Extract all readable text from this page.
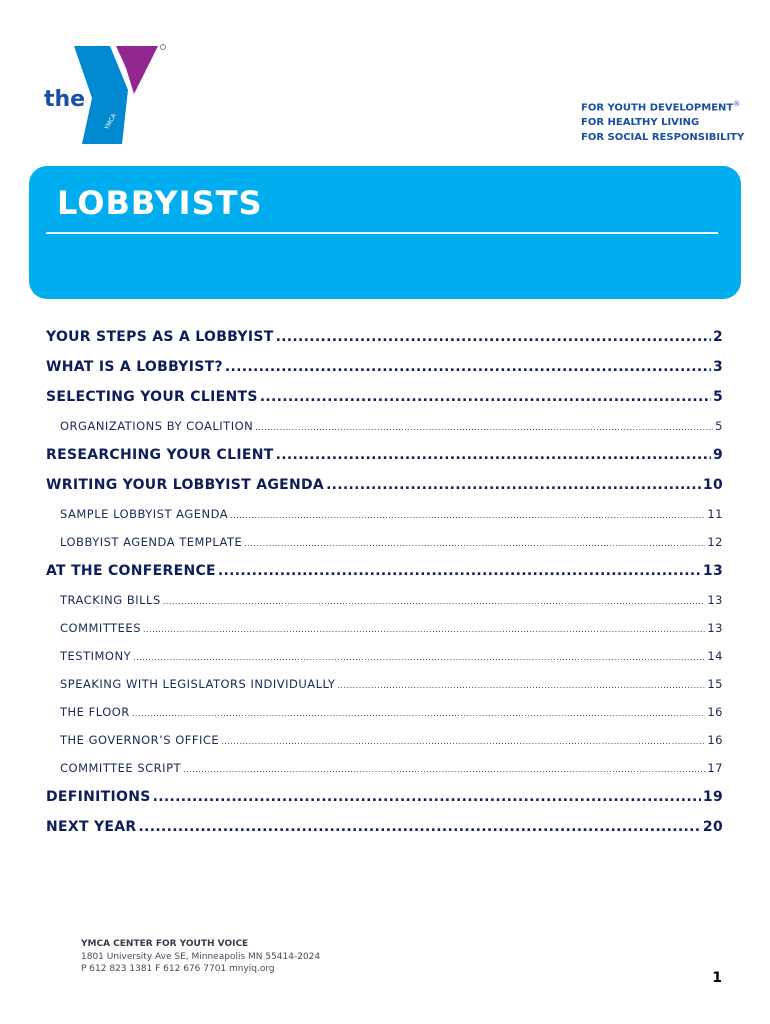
the
YMCA
FOR YOUTH DEVELOPMENT®
FOR HEALTHY LIVING
FOR SOCIAL RESPONSIBILITY
LOBBYISTS
YOUR STEPS AS A LOBBYIST .....	2
WHAT IS A LOBBYIST? .....	3
SELECTING YOUR CLIENTS .....	5
ORGANIZATIONS BY COALITION .....	5
RESEARCHING YOUR CLIENT .....	9
WRITING YOUR LOBBYIST AGENDA .....	10
SAMPLE LOBBYIST AGENDA .....	11
LOBBYIST AGENDA TEMPLATE .....	12
AT THE CONFERENCE .....	13
TRACKING BILLS .....	13
COMMITTEES .....	13
TESTIMONY .....	14
SPEAKING WITH LEGISLATORS INDIVIDUALLY .....	15
THE FLOOR .....	16
THE GOVERNOR’S OFFICE .....	16
COMMITTEE SCRIPT .....	17
DEFINITIONS .....	19
NEXT YEAR .....	20
YMCA CENTER FOR YOUTH VOICE
1801 University Ave SE, Minneapolis MN 55414-2024
P 612 823 1381 F 612 676 7701 mnyiq.org
1
